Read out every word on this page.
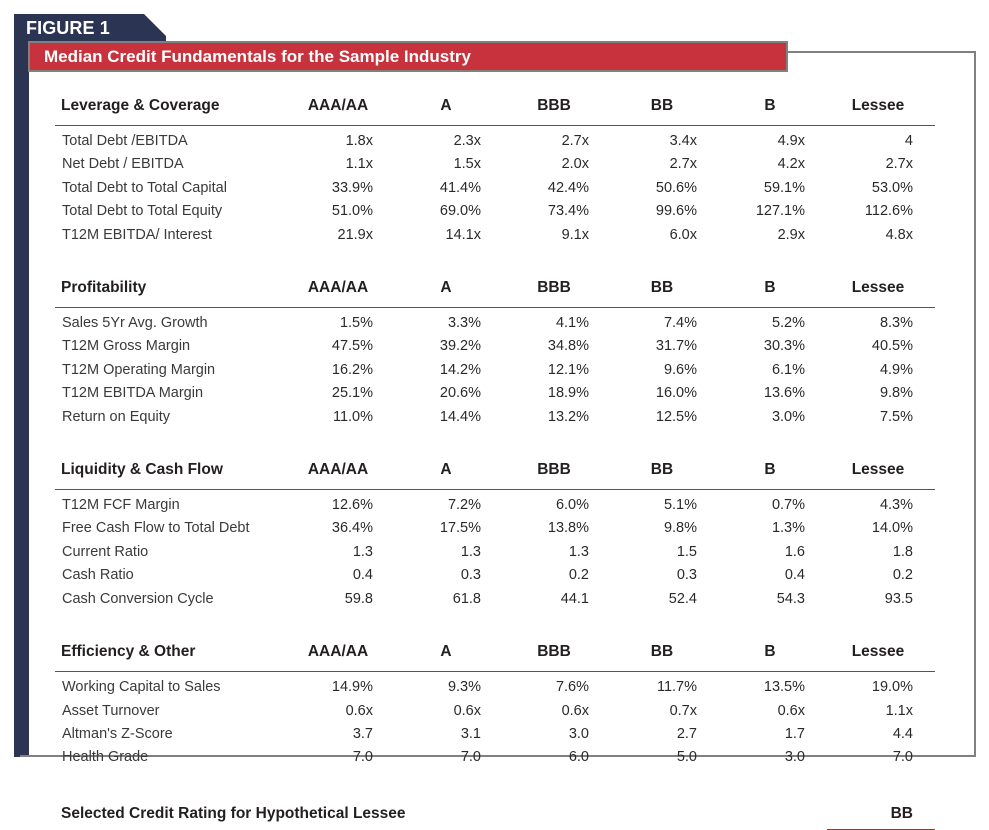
FIGURE 1
Median Credit Fundamentals for the Sample Industry
Leverage & Coverage	AAA/AA	A	BBB	BB	B	Lessee

Total Debt /EBITDA	1.8x	2.3x	2.7x	3.4x	4.9x	4
Net Debt / EBITDA	1.1x	1.5x	2.0x	2.7x	4.2x	2.7x
Total Debt to Total Capital	33.9%	41.4%	42.4%	50.6%	59.1%	53.0%
Total Debt to Total Equity	51.0%	69.0%	73.4%	99.6%	127.1%	112.6%
T12M EBITDA/ Interest	21.9x	14.1x	9.1x	6.0x	2.9x	4.8x

Profitability	AAA/AA	A	BBB	BB	B	Lessee

Sales 5Yr Avg. Growth	1.5%	3.3%	4.1%	7.4%	5.2%	8.3%
T12M Gross Margin	47.5%	39.2%	34.8%	31.7%	30.3%	40.5%
T12M Operating Margin	16.2%	14.2%	12.1%	9.6%	6.1%	4.9%
T12M EBITDA Margin	25.1%	20.6%	18.9%	16.0%	13.6%	9.8%
Return on Equity	11.0%	14.4%	13.2%	12.5%	3.0%	7.5%

Liquidity & Cash Flow	AAA/AA	A	BBB	BB	B	Lessee

T12M FCF Margin	12.6%	7.2%	6.0%	5.1%	0.7%	4.3%
Free Cash Flow to Total Debt	36.4%	17.5%	13.8%	9.8%	1.3%	14.0%
Current Ratio	1.3	1.3	1.3	1.5	1.6	1.8
Cash Ratio	0.4	0.3	0.2	0.3	0.4	0.2
Cash Conversion Cycle	59.8	61.8	44.1	52.4	54.3	93.5

Efficiency & Other	AAA/AA	A	BBB	BB	B	Lessee

Working Capital to Sales	14.9%	9.3%	7.6%	11.7%	13.5%	19.0%
Asset Turnover	0.6x	0.6x	0.6x	0.7x	0.6x	1.1x
Altman's Z-Score	3.7	3.1	3.0	2.7	1.7	4.4
Health Grade	7.0	7.0	6.0	5.0	3.0	7.0

Selected Credit Rating for Hypothetical Lessee						BB
